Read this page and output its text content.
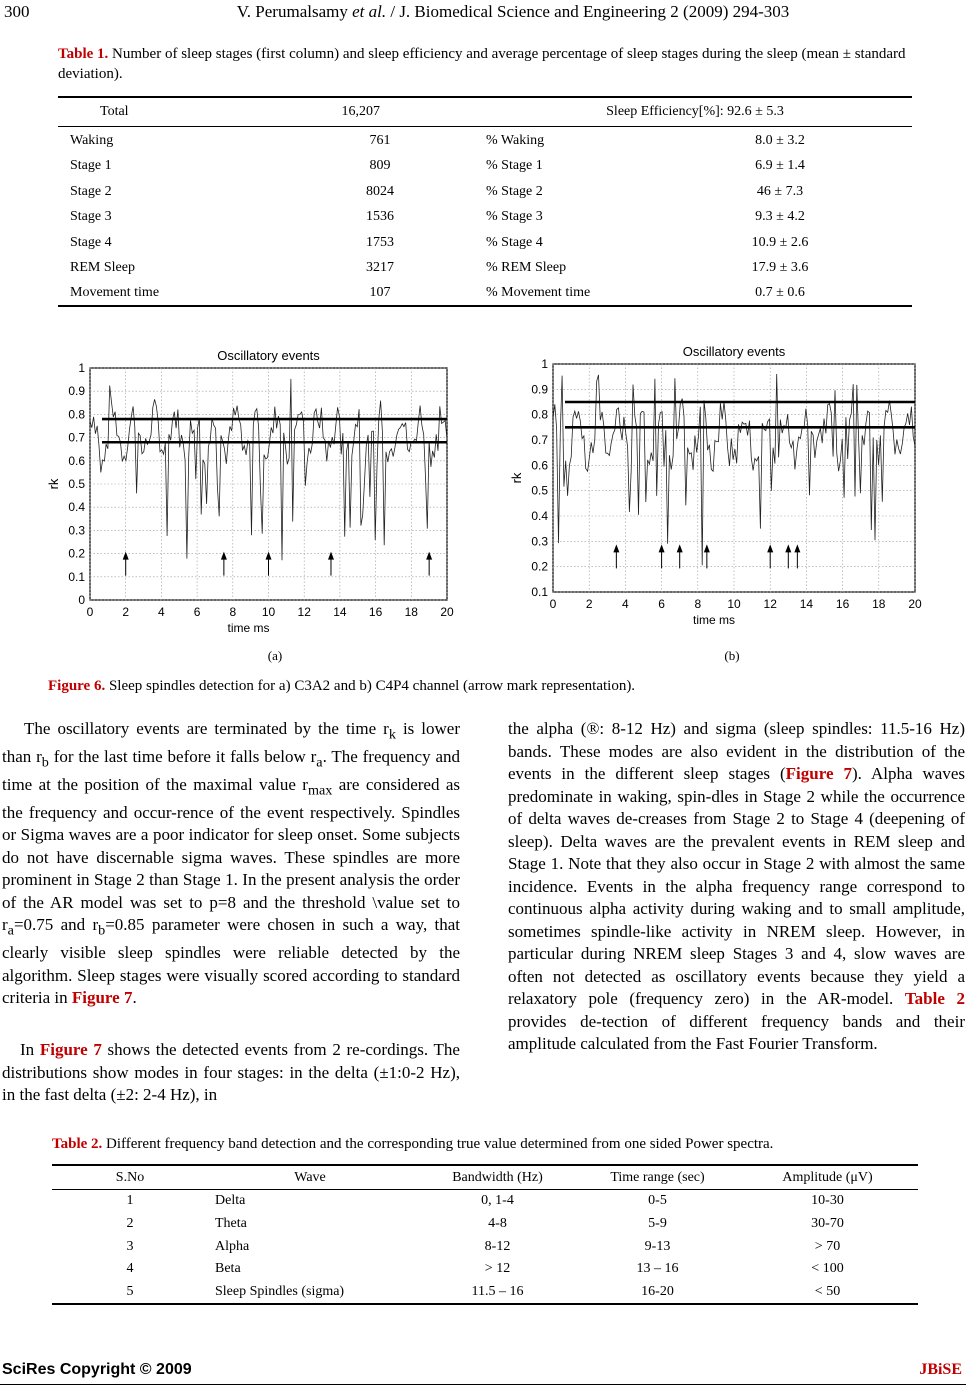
300	V. Perumalsamy et al. / J. Biomedical Science and Engineering 2 (2009) 294-303
Table 1. Number of sleep stages (first column) and sleep efficiency and average percentage of sleep stages during the sleep (mean ± standard deviation).
Total	16,207	Sleep Efficiency[%]: 92.6 ± 5.3
Waking	761	% Waking	8.0 ± 3.2
Stage 1	809	% Stage 1	6.9 ± 1.4
Stage 2	8024	% Stage 2	46 ± 7.3
Stage 3	1536	% Stage 3	9.3 ± 4.2
Stage 4	1753	% Stage 4	10.9 ± 2.6
REM Sleep	3217	% REM Sleep	17.9 ± 3.6
Movement time	107	% Movement time	0.7 ± 0.6
0 2 4 6 8 10 12 14 16 18 20
0
0.1
0.2
0.3
0.4
0.5
0.6
0.7
0.8
0.9
1
Oscillatory events
time ms
rk
0 2 4 6 8 10 12 14 16 18 20
0.1
0.2
0.3
0.4
0.5
0.6
0.7
0.8
0.9
1
Oscillatory events
time ms
rk
(a)	(b)
Figure 6. Sleep spindles detection for a) C3A2 and b) C4P4 channel (arrow mark representation).
The oscillatory events are terminated by the time $r_k$ is lower than $r_b$ for the last time before it falls below $r_a$. The frequency and time at the position of the maximal value $r_{max}$ are considered as the frequency and occur-rence of the event respectively. Spindles or Sigma waves are a poor indicator for sleep onset. Some subjects do not have discernable sigma waves. These spindles are more prominent in Stage 2 than Stage 1. In the present analysis the order of the AR model was set to p=8 and the threshold \value set to $r_a=0.75$ and $r_b=0.85$ parameter were chosen in such a way, that clearly visible sleep spindles were reliable detected by the algorithm. Sleep stages were visually scored according to standard criteria in Figure 7.
In Figure 7 shows the detected events from 2 re-cordings. The distributions show modes in four stages: in the delta (±1:0-2 Hz), in the fast delta (±2: 2-4 Hz), in
the alpha (®: 8-12 Hz) and sigma (sleep spindles: 11.5-16 Hz) bands. These modes are also evident in the distribution of the events in the different sleep stages (Figure 7). Alpha waves predominate in waking, spin-dles in Stage 2 while the occurrence of delta waves de-creases from Stage 2 to Stage 4 (deepening of sleep). Delta waves are the prevalent events in REM sleep and Stage 1. Note that they also occur in Stage 2 with almost the same incidence. Events in the alpha frequency range correspond to continuous alpha activity during waking and to small amplitude, sometimes spindle-like activity in NREM sleep. However, in particular during NREM sleep Stages 3 and 4, slow waves are often not detected as oscillatory events because they yield a relaxatory pole (frequency zero) in the AR-model. Table 2 provides de-tection of different frequency bands and their amplitude calculated from the Fast Fourier Transform.
Table 2. Different frequency band detection and the corresponding true value determined from one sided Power spectra.
S.No	Wave	Bandwidth (Hz)	Time range (sec)	Amplitude (μV)
1	Delta	0, 1-4	0-5	10-30
2	Theta	4-8	5-9	30-70
3	Alpha	8-12	9-13	> 70
4	Beta	> 12	13 – 16	< 100
5	Sleep Spindles (sigma)	11.5 – 16	16-20	< 50
SciRes Copyright © 2009	JBiSE
